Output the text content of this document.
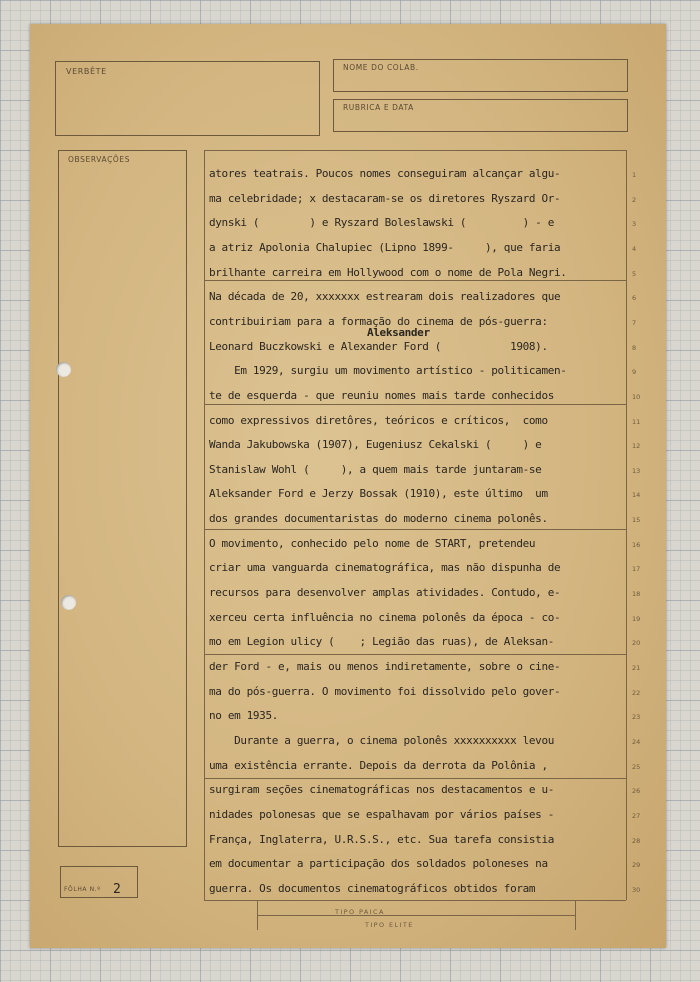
VERBÊTE	NOME DO COLAB.
RUBRICA E DATA
OBSERVAÇÕES
FÔLHA N.º 2
TIPO PAICA
TIPO ELITE
Aleksander
atores teatrais. Poucos nomes conseguiram alcançar algu-	1
ma celebridade; x destacaram-se os diretores Ryszard Or-	2
dynski (        ) e Ryszard Boleslawski (         ) - e	3
a atriz Apolonia Chalupiec (Lipno 1899-     ), que faria	4
brilhante carreira em Hollywood com o nome de Pola Negri.	5
Na década de 20, xxxxxxx estrearam dois realizadores que	6
contribuiriam para a formação do cinema de pós-guerra:	7
Leonard Buczkowski e Alexander Ford (           1908).	8
Em 1929, surgiu um movimento artístico - politicamen-	9
te de esquerda - que reuniu nomes mais tarde conhecidos	10
como expressivos diretôres, teóricos e críticos,  como	11
Wanda Jakubowska (1907), Eugeniusz Cekalski (     ) e	12
Stanislaw Wohl (     ), a quem mais tarde juntaram-se	13
Aleksander Ford e Jerzy Bossak (1910), este último  um	14
dos grandes documentaristas do moderno cinema polonês.	15
O movimento, conhecido pelo nome de START, pretendeu	16
criar uma vanguarda cinematográfica, mas não dispunha de	17
recursos para desenvolver amplas atividades. Contudo, e-	18
xerceu certa influência no cinema polonês da época - co-	19
mo em Legion ulicy (    ; Legião das ruas), de Aleksan-	20
der Ford - e, mais ou menos indiretamente, sobre o cine-	21
ma do pós-guerra. O movimento foi dissolvido pelo gover-	22
no em 1935.	23
Durante a guerra, o cinema polonês xxxxxxxxxx levou	24
uma existência errante. Depois da derrota da Polônia ,	25
surgiram seções cinematográficas nos destacamentos e u-	26
nidades polonesas que se espalhavam por vários países -	27
França, Inglaterra, U.R.S.S., etc. Sua tarefa consistia	28
em documentar a participação dos soldados poloneses na	29
guerra. Os documentos cinematográficos obtidos foram	30
